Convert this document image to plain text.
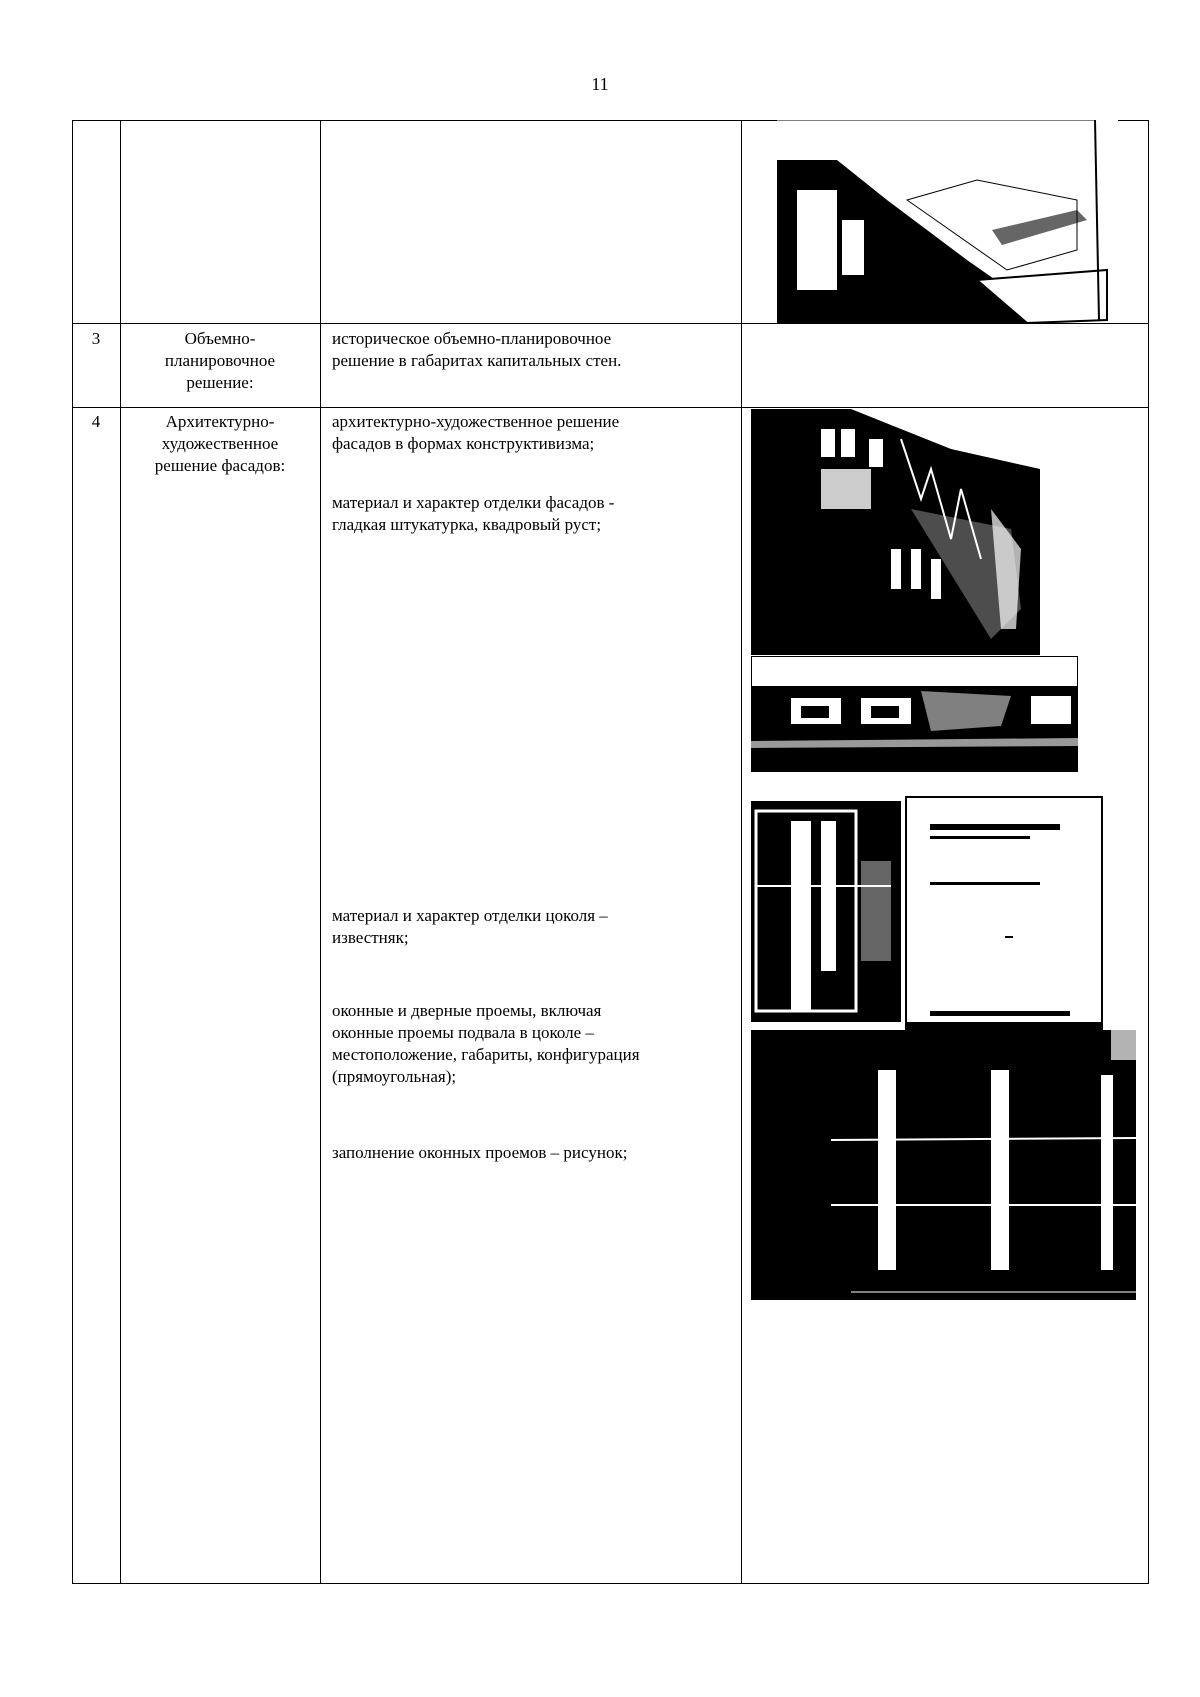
11
3	Объемно-
планировочное
решение:
историческое объемно-планировочное
решение в габаритах капитальных стен.
4	Архитектурно-
художественное
решение фасадов:
архитектурно-художественное решение
фасадов в формах конструктивизма;
материал и характер отделки фасадов -
гладкая штукатурка, квадровый руст;
материал и характер отделки цоколя –
известняк;
оконные и дверные проемы, включая
оконные проемы подвала в цоколе –
местоположение, габариты, конфигурация
(прямоугольная);
заполнение оконных проемов – рисунок;
